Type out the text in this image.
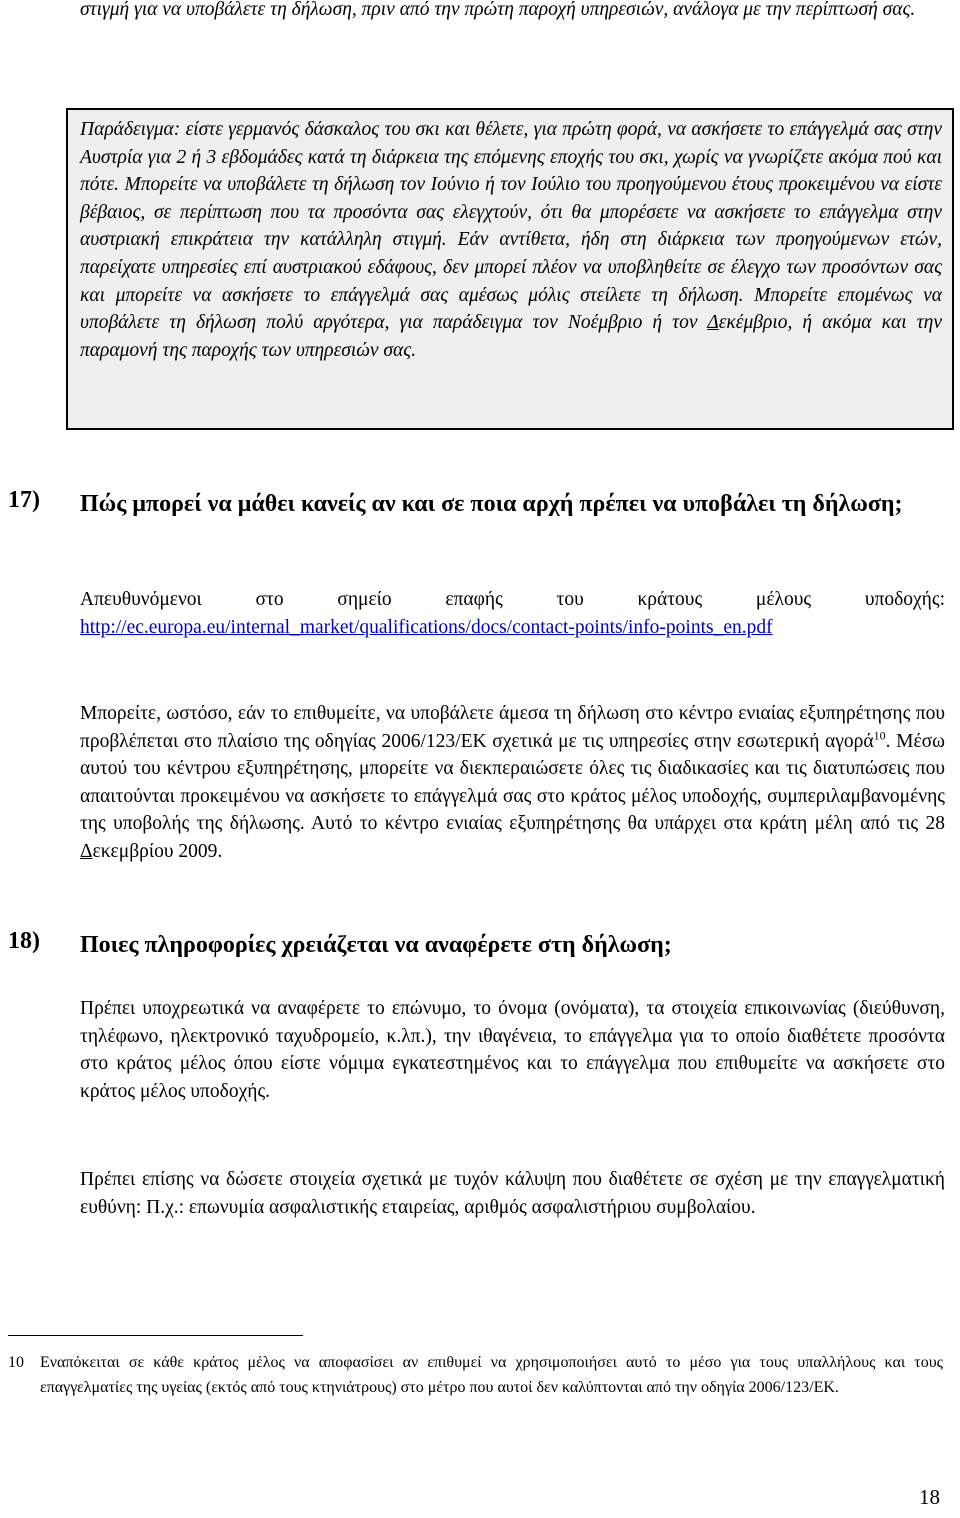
στιγμή για να υποβάλετε τη δήλωση, πριν από την πρώτη παροχή υπηρεσιών, ανάλογα με την περίπτωσή σας.

Παράδειγμα: είστε γερμανός δάσκαλος του σκι και θέλετε, για πρώτη φορά, να ασκήσετε το επάγγελμά σας στην Αυστρία για 2 ή 3 εβδομάδες κατά τη διάρκεια της επόμενης εποχής του σκι, χωρίς να γνωρίζετε ακόμα πού και πότε. Μπορείτε να υποβάλετε τη δήλωση τον Ιούνιο ή τον Ιούλιο του προηγούμενου έτους προκειμένου να είστε βέβαιος, σε περίπτωση που τα προσόντα σας ελεγχτούν, ότι θα μπορέσετε να ασκήσετε το επάγγελμα στην αυστριακή επικράτεια την κατάλληλη στιγμή. Εάν αντίθετα, ήδη στη διάρκεια των προηγούμενων ετών, παρείχατε υπηρεσίες επί αυστριακού εδάφους, δεν μπορεί πλέον να υποβληθείτε σε έλεγχο των προσόντων σας και μπορείτε να ασκήσετε το επάγγελμά σας αμέσως μόλις στείλετε τη δήλωση. Μπορείτε επομένως να υποβάλετε τη δήλωση πολύ αργότερα, για παράδειγμα τον Νοέμβριο ή τον Δεκέμβριο, ή ακόμα και την παραμονή της παροχής των υπηρεσιών σας.

17) Πώς μπορεί να μάθει κανείς αν και σε ποια αρχή πρέπει να υποβάλει τη δήλωση;

Απευθυνόμενοι στο σημείο επαφής του κράτους μέλους υποδοχής: http://ec.europa.eu/internal_market/qualifications/docs/contact-points/info-points_en.pdf

Μπορείτε, ωστόσο, εάν το επιθυμείτε, να υποβάλετε άμεσα τη δήλωση στο κέντρο ενιαίας εξυπηρέτησης που προβλέπεται στο πλαίσιο της οδηγίας 2006/123/ΕΚ σχετικά με τις υπηρεσίες στην εσωτερική αγορά$^{10}$. Μέσω αυτού του κέντρου εξυπηρέτησης, μπορείτε να διεκπεραιώσετε όλες τις διαδικασίες και τις διατυπώσεις που απαιτούνται προκειμένου να ασκήσετε το επάγγελμά σας στο κράτος μέλος υποδοχής, συμπεριλαμβανομένης της υποβολής της δήλωσης. Αυτό το κέντρο ενιαίας εξυπηρέτησης θα υπάρχει στα κράτη μέλη από τις 28 Δεκεμβρίου 2009.

18) Ποιες πληροφορίες χρειάζεται να αναφέρετε στη δήλωση;

Πρέπει υποχρεωτικά να αναφέρετε το επώνυμο, το όνομα (ονόματα), τα στοιχεία επικοινωνίας (διεύθυνση, τηλέφωνο, ηλεκτρονικό ταχυδρομείο, κ.λπ.), την ιθαγένεια, το επάγγελμα για το οποίο διαθέτετε προσόντα στο κράτος μέλος όπου είστε νόμιμα εγκατεστημένος και το επάγγελμα που επιθυμείτε να ασκήσετε στο κράτος μέλος υποδοχής.

Πρέπει επίσης να δώσετε στοιχεία σχετικά με τυχόν κάλυψη που διαθέτετε σε σχέση με την επαγγελματική ευθύνη: Π.χ.: επωνυμία ασφαλιστικής εταιρείας, αριθμός ασφαλιστήριου συμβολαίου.

10 Εναπόκειται σε κάθε κράτος μέλος να αποφασίσει αν επιθυμεί να χρησιμοποιήσει αυτό το μέσο για τους υπαλλήλους και τους επαγγελματίες της υγείας (εκτός από τους κτηνιάτρους) στο μέτρο που αυτοί δεν καλύπτονται από την οδηγία 2006/123/ΕΚ.

18
